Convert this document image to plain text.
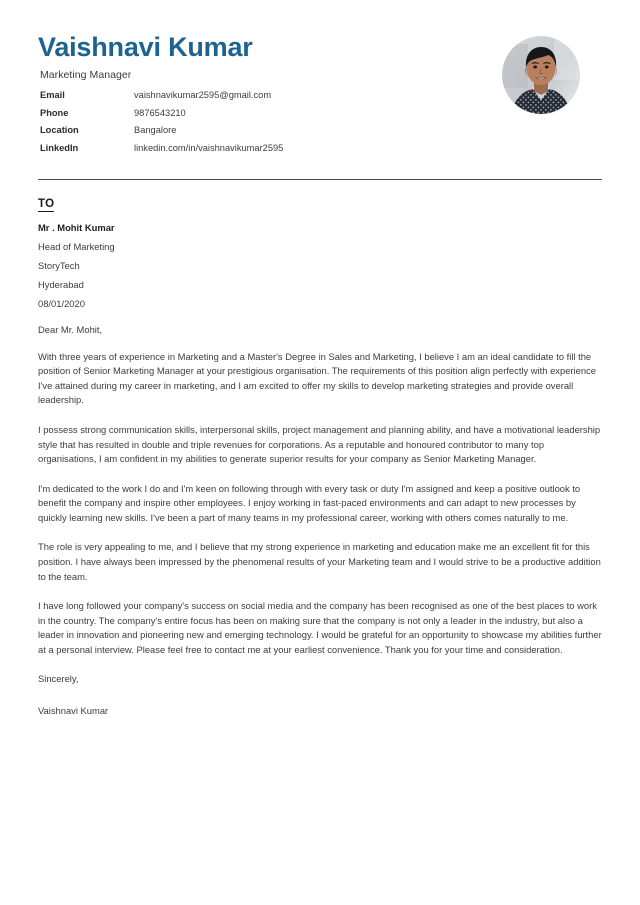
Vaishnavi Kumar
Marketing Manager
Email	vaishnavikumar2595@gmail.com
Phone	9876543210
Location	Bangalore
LinkedIn	linkedin.com/in/vaishnavikumar2595
TO
Mr . Mohit Kumar
Head of Marketing
StoryTech
Hyderabad
08/01/2020
Dear Mr. Mohit,

With three years of experience in Marketing and a Master's Degree in Sales and Marketing, I believe I am an ideal candidate to fill the position of Senior Marketing Manager at your prestigious organisation. The requirements of this position align perfectly with experience I've attained during my career in marketing, and I am excited to offer my skills to develop marketing strategies and provide overall leadership.

I possess strong communication skills, interpersonal skills, project management and planning ability, and have a motivational leadership style that has resulted in double and triple revenues for corporations. As a reputable and honoured contributor to many top organisations, I am confident in my abilities to generate superior results for your company as Senior Marketing Manager.

I'm dedicated to the work I do and I'm keen on following through with every task or duty I'm assigned and keep a positive outlook to benefit the company and inspire other employees. I enjoy working in fast-paced environments and can adapt to new processes by quickly learning new skills. I've been a part of many teams in my professional career, working with others comes naturally to me.

The role is very appealing to me, and I believe that my strong experience in marketing and education make me an excellent fit for this position. I have always been impressed by the phenomenal results of your Marketing team and I would strive to be a productive addition to the team.

I have long followed your company's success on social media and the company has been recognised as one of the best places to work in the country. The company's entire focus has been on making sure that the company is not only a leader in the industry, but also a leader in innovation and pioneering new and emerging technology. I would be grateful for an opportunity to showcase my abilities further at a personal interview. Please feel free to contact me at your earliest convenience. Thank you for your time and consideration.

Sincerely,

Vaishnavi Kumar
